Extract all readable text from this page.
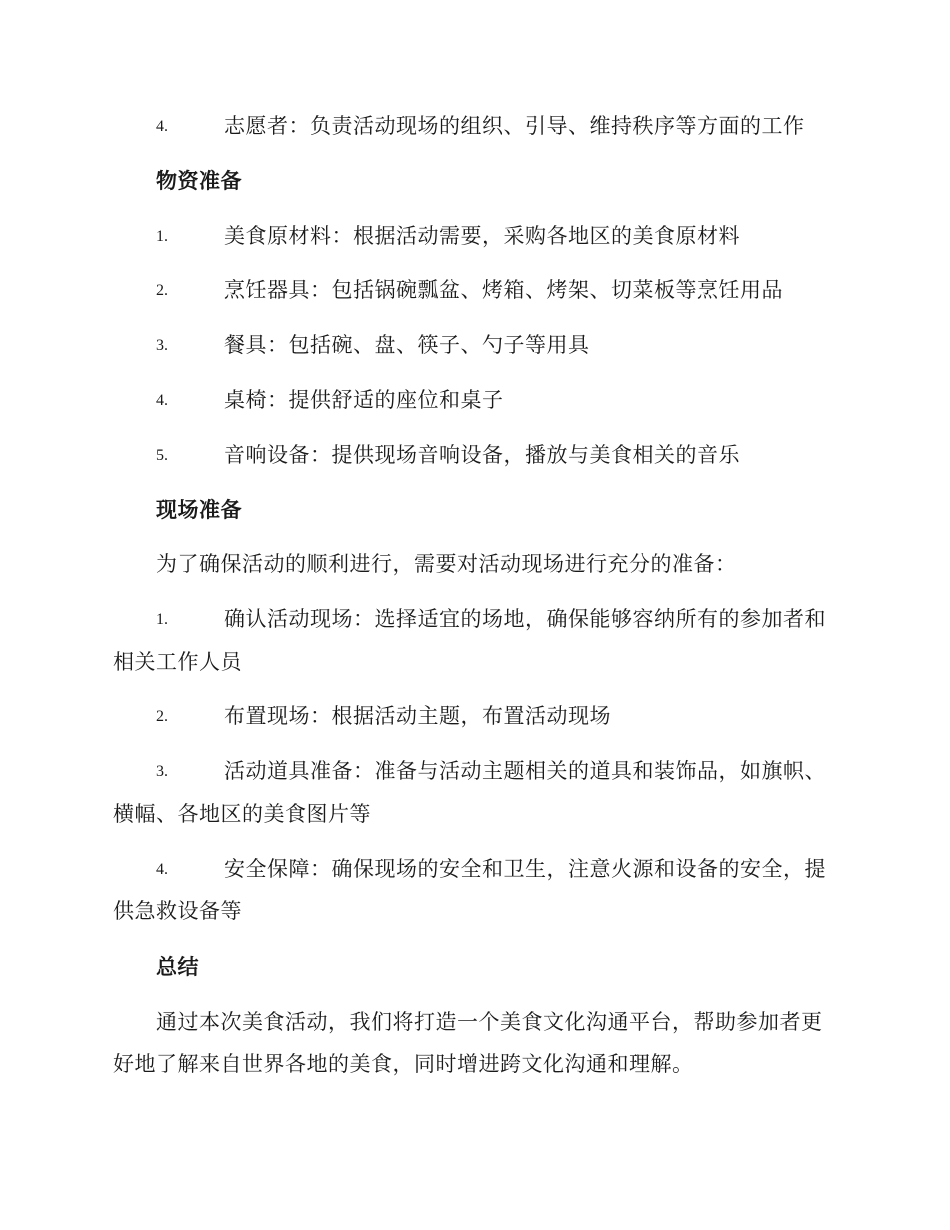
4.	志愿者：负责活动现场的组织、引导、维持秩序等方面的工作
物资准备
1.	美食原材料：根据活动需要，采购各地区的美食原材料
2.	烹饪器具：包括锅碗瓢盆、烤箱、烤架、切菜板等烹饪用品
3.	餐具：包括碗、盘、筷子、勺子等用具
4.	桌椅：提供舒适的座位和桌子
5.	音响设备：提供现场音响设备，播放与美食相关的音乐
现场准备
为了确保活动的顺利进行，需要对活动现场进行充分的准备：
1.	确认活动现场：选择适宜的场地，确保能够容纳所有的参加者和
相关工作人员
2.	布置现场：根据活动主题，布置活动现场
3.	活动道具准备：准备与活动主题相关的道具和装饰品，如旗帜、
横幅、各地区的美食图片等
4.	安全保障：确保现场的安全和卫生，注意火源和设备的安全，提
供急救设备等
总结
通过本次美食活动，我们将打造一个美食文化沟通平台，帮助参加者更
好地了解来自世界各地的美食，同时增进跨文化沟通和理解。
